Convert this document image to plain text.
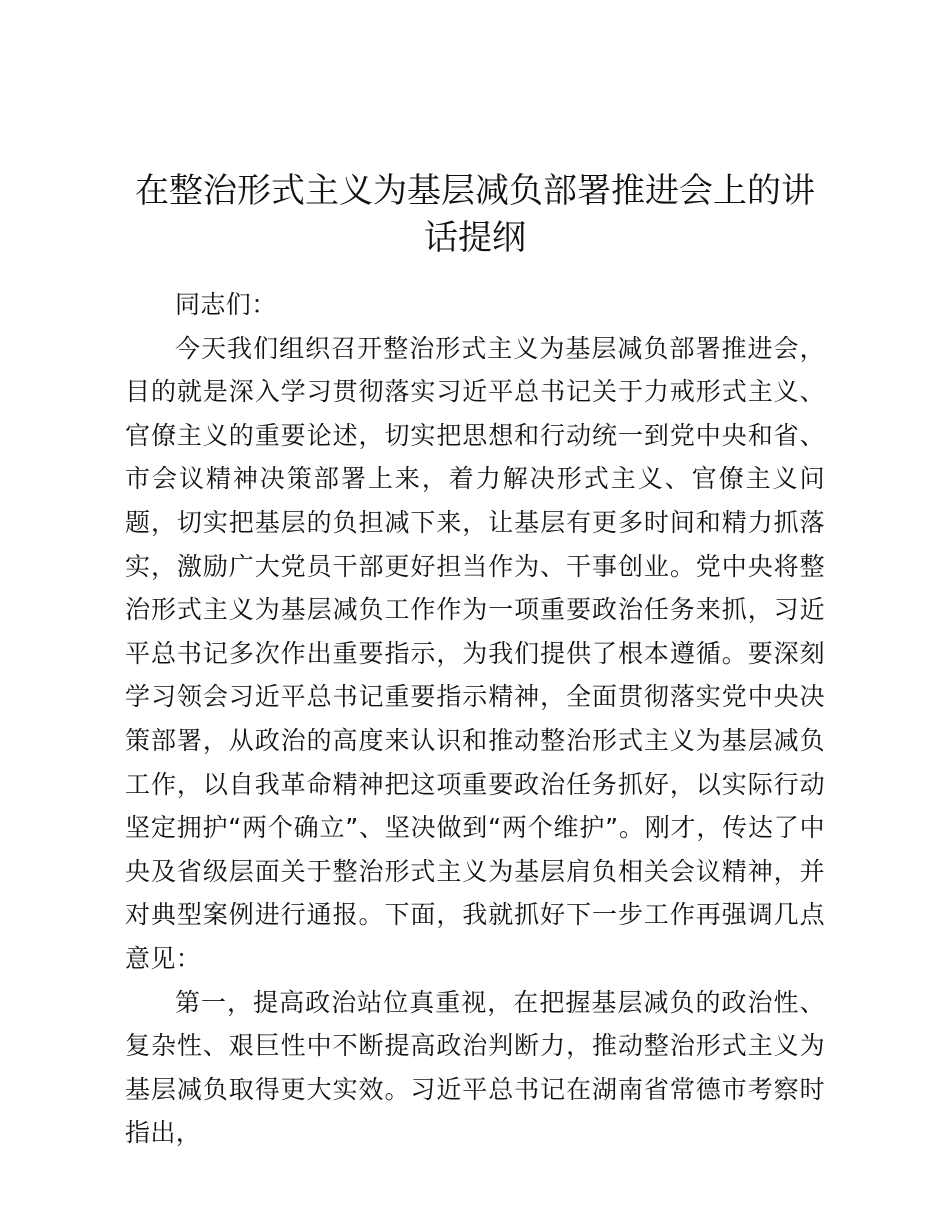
在整治形式主义为基层减负部署推进会上的讲话提纲

同志们：

今天我们组织召开整治形式主义为基层减负部署推进会，目的就是深入学习贯彻落实习近平总书记关于力戒形式主义、官僚主义的重要论述，切实把思想和行动统一到党中央和省、市会议精神决策部署上来，着力解决形式主义、官僚主义问题，切实把基层的负担减下来，让基层有更多时间和精力抓落实，激励广大党员干部更好担当作为、干事创业。党中央将整治形式主义为基层减负工作作为一项重要政治任务来抓，习近平总书记多次作出重要指示，为我们提供了根本遵循。要深刻学习领会习近平总书记重要指示精神，全面贯彻落实党中央决策部署，从政治的高度来认识和推动整治形式主义为基层减负工作，以自我革命精神把这项重要政治任务抓好，以实际行动坚定拥护“两个确立”、坚决做到“两个维护”。刚才，传达了中央及省级层面关于整治形式主义为基层肩负相关会议精神，并对典型案例进行通报。下面，我就抓好下一步工作再强调几点意见：

第一，提高政治站位真重视，在把握基层减负的政治性、复杂性、艰巨性中不断提高政治判断力，推动整治形式主义为基层减负取得更大实效。习近平总书记在湖南省常德市考察时指出，
